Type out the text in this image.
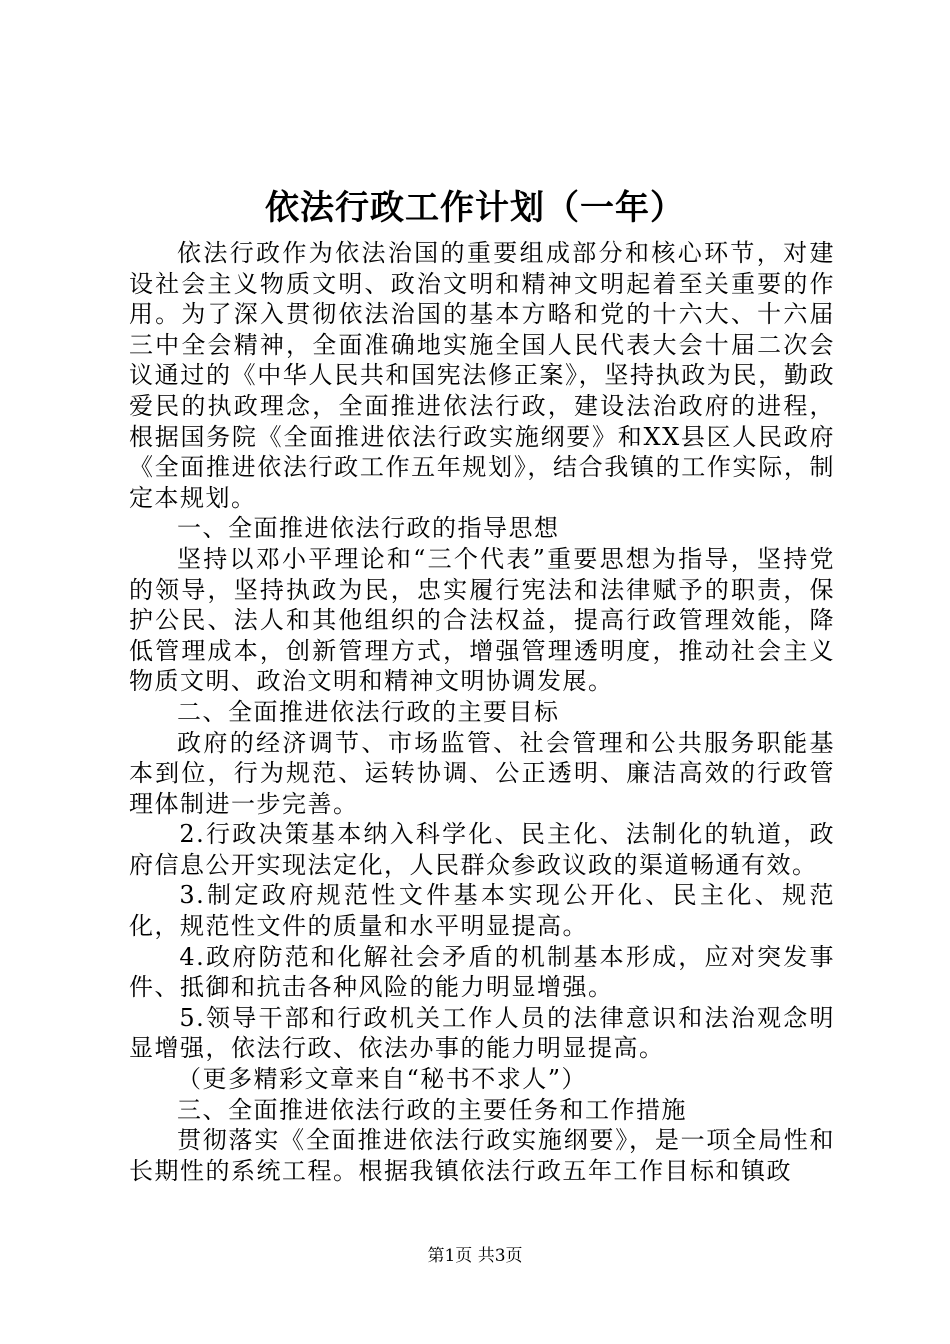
依法行政工作计划（一年）

依法行政作为依法治国的重要组成部分和核心环节，对建设社会主义物质文明、政治文明和精神文明起着至关重要的作用。为了深入贯彻依法治国的基本方略和党的十六大、十六届三中全会精神，全面准确地实施全国人民代表大会十届二次会议通过的《中华人民共和国宪法修正案》，坚持执政为民，勤政爱民的执政理念，全面推进依法行政，建设法治政府的进程，根据国务院《全面推进依法行政实施纲要》和XX县区人民政府《全面推进依法行政工作五年规划》，结合我镇的工作实际，制定本规划。

一、全面推进依法行政的指导思想

坚持以邓小平理论和“三个代表”重要思想为指导，坚持党的领导，坚持执政为民，忠实履行宪法和法律赋予的职责，保护公民、法人和其他组织的合法权益，提高行政管理效能，降低管理成本，创新管理方式，增强管理透明度，推动社会主义物质文明、政治文明和精神文明协调发展。

二、全面推进依法行政的主要目标

政府的经济调节、市场监管、社会管理和公共服务职能基本到位，行为规范、运转协调、公正透明、廉洁高效的行政管理体制进一步完善。

2.行政决策基本纳入科学化、民主化、法制化的轨道，政府信息公开实现法定化，人民群众参政议政的渠道畅通有效。

3.制定政府规范性文件基本实现公开化、民主化、规范化，规范性文件的质量和水平明显提高。

4.政府防范和化解社会矛盾的机制基本形成，应对突发事件、抵御和抗击各种风险的能力明显增强。

5.领导干部和行政机关工作人员的法律意识和法治观念明显增强，依法行政、依法办事的能力明显提高。

（更多精彩文章来自“秘书不求人”）

三、全面推进依法行政的主要任务和工作措施

贯彻落实《全面推进依法行政实施纲要》，是一项全局性和长期性的系统工程。根据我镇依法行政五年工作目标和镇政

第1页 共3页
